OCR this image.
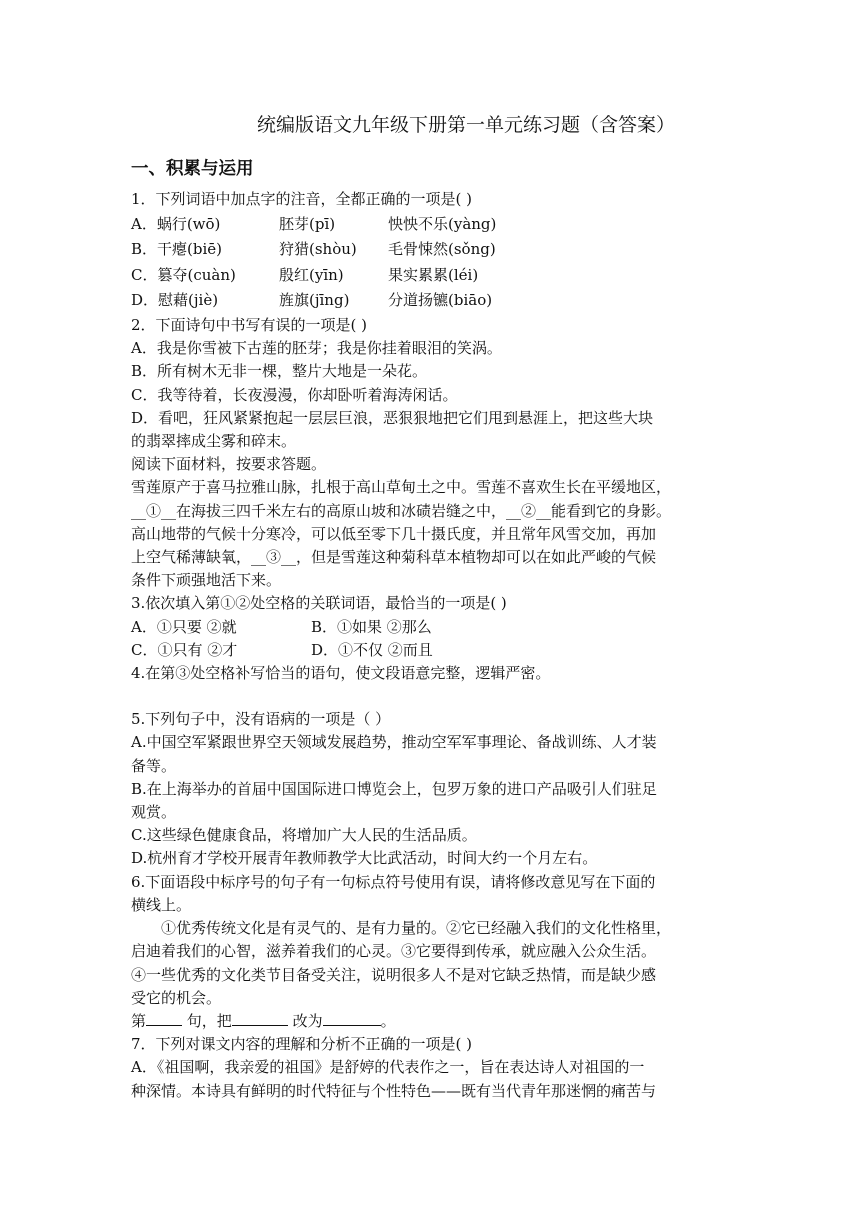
统编版语文九年级下册第一单元练习题（含答案）
一、积累与运用
1．下列词语中加点字的注音，全都正确的一项是( )
A．蜗行(wō)	胚芽(pī)	 怏怏不乐(yàng)
B．干瘪(biē)	狩猎(shòu) 毛骨悚然(sǒng)
C．篡夺(cuàn)	殷红(yīn) 果实累累(léi)
D．慰藉(jiè)	旌旗(jīng) 分道扬镳(biāo)
2．下面诗句中书写有误的一项是( )
A．我是你雪被下古莲的胚芽；我是你挂着眼泪的笑涡。
B．所有树木无非一棵，整片大地是一朵花。
C．我等待着，长夜漫漫，你却卧听着海涛闲话。
D．看吧，狂风紧紧抱起一层层巨浪，恶狠狠地把它们甩到悬涯上，把这些大块
的翡翠摔成尘雾和碎末。
阅读下面材料，按要求答题。
雪莲原产于喜马拉雅山脉，扎根于高山草甸土之中。雪莲不喜欢生长在平缓地区，
__①__在海拔三四千米左右的高原山坡和冰碛岩缝之中，__②__能看到它的身影。
高山地带的气候十分寒冷，可以低至零下几十摄氏度，并且常年风雪交加，再加
上空气稀薄缺氧，__③__，但是雪莲这种菊科草本植物却可以在如此严峻的气候
条件下顽强地活下来。
3.依次填入第①②处空格的关联词语，最恰当的一项是( )
A．①只要 ②就	B．①如果 ②那么
C．①只有 ②才	D．①不仅 ②而且
4.在第③处空格补写恰当的语句，使文段语意完整，逻辑严密。
5.下列句子中，没有语病的一项是（ ）
A.中国空军紧跟世界空天领域发展趋势，推动空军军事理论、备战训练、人才装
备等。
B.在上海举办的首届中国国际进口博览会上，包罗万象的进口产品吸引人们驻足
观赏。
C.这些绿色健康食品，将增加广大人民的生活品质。
D.杭州育才学校开展青年教师教学大比武活动，时间大约一个月左右。
6.下面语段中标序号的句子有一句标点符号使用有误，请将修改意见写在下面的
横线上。
①优秀传统文化是有灵气的、是有力量的。②它已经融入我们的文化性格里，
启迪着我们的心智，滋养着我们的心灵。③它要得到传承，就应融入公众生活。
④一些优秀的文化类节目备受关注，说明很多人不是对它缺乏热情，而是缺少感
受它的机会。
第	句，把	改为	。
7．下列对课文内容的理解和分析不正确的一项是( )
A．《祖国啊，我亲爱的祖国》是舒婷的代表作之一，旨在表达诗人对祖国的一
种深情。本诗具有鲜明的时代特征与个性特色——既有当代青年那迷惘的痛苦与
